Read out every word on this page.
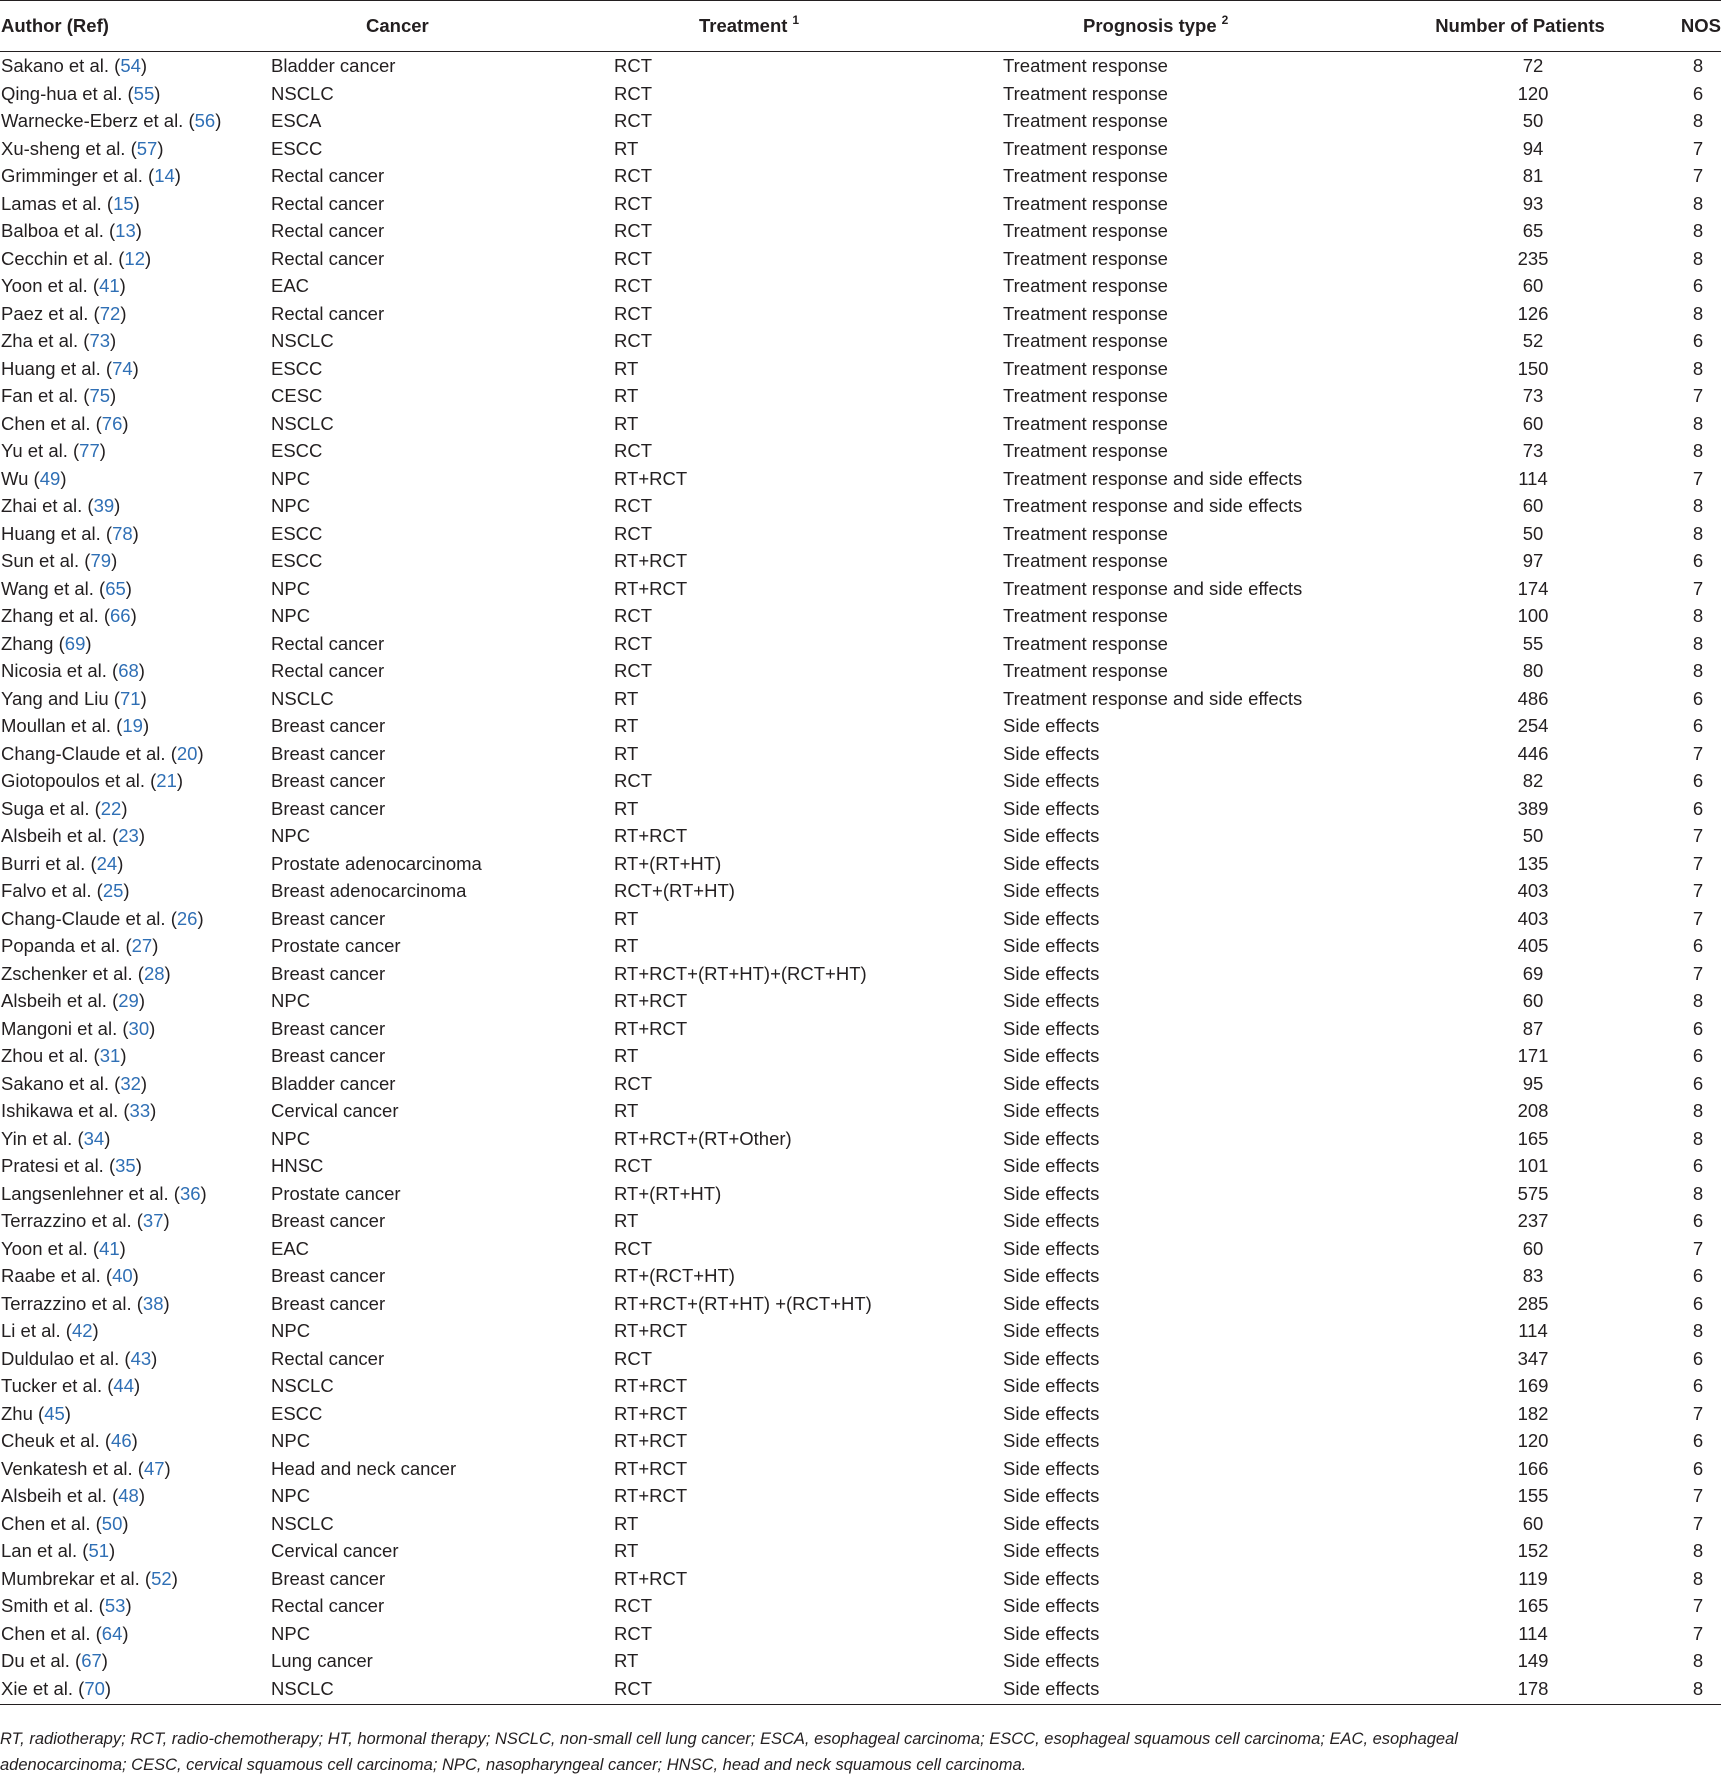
Author (Ref)	Cancer	Treatment $^1$	Prognosis type $^2$	Number of Patients	NOS
Sakano et al. (54)	Bladder cancer	RCT	Treatment response	72	8
Qing-hua et al. (55)	NSCLC	RCT	Treatment response	120	6
Warnecke-Eberz et al. (56)	ESCA	RCT	Treatment response	50	8
Xu-sheng et al. (57)	ESCC	RT	Treatment response	94	7
Grimminger et al. (14)	Rectal cancer	RCT	Treatment response	81	7
Lamas et al. (15)	Rectal cancer	RCT	Treatment response	93	8
Balboa et al. (13)	Rectal cancer	RCT	Treatment response	65	8
Cecchin et al. (12)	Rectal cancer	RCT	Treatment response	235	8
Yoon et al. (41)	EAC	RCT	Treatment response	60	6
Paez et al. (72)	Rectal cancer	RCT	Treatment response	126	8
Zha et al. (73)	NSCLC	RCT	Treatment response	52	6
Huang et al. (74)	ESCC	RT	Treatment response	150	8
Fan et al. (75)	CESC	RT	Treatment response	73	7
Chen et al. (76)	NSCLC	RT	Treatment response	60	8
Yu et al. (77)	ESCC	RCT	Treatment response	73	8
Wu (49)	NPC	RT+RCT	Treatment response and side effects	114	7
Zhai et al. (39)	NPC	RCT	Treatment response and side effects	60	8
Huang et al. (78)	ESCC	RCT	Treatment response	50	8
Sun et al. (79)	ESCC	RT+RCT	Treatment response	97	6
Wang et al. (65)	NPC	RT+RCT	Treatment response and side effects	174	7
Zhang et al. (66)	NPC	RCT	Treatment response	100	8
Zhang (69)	Rectal cancer	RCT	Treatment response	55	8
Nicosia et al. (68)	Rectal cancer	RCT	Treatment response	80	8
Yang and Liu (71)	NSCLC	RT	Treatment response and side effects	486	6
Moullan et al. (19)	Breast cancer	RT	Side effects	254	6
Chang-Claude et al. (20)	Breast cancer	RT	Side effects	446	7
Giotopoulos et al. (21)	Breast cancer	RCT	Side effects	82	6
Suga et al. (22)	Breast cancer	RT	Side effects	389	6
Alsbeih et al. (23)	NPC	RT+RCT	Side effects	50	7
Burri et al. (24)	Prostate adenocarcinoma	RT+(RT+HT)	Side effects	135	7
Falvo et al. (25)	Breast adenocarcinoma	RCT+(RT+HT)	Side effects	403	7
Chang-Claude et al. (26)	Breast cancer	RT	Side effects	403	7
Popanda et al. (27)	Prostate cancer	RT	Side effects	405	6
Zschenker et al. (28)	Breast cancer	RT+RCT+(RT+HT)+(RCT+HT)	Side effects	69	7
Alsbeih et al. (29)	NPC	RT+RCT	Side effects	60	8
Mangoni et al. (30)	Breast cancer	RT+RCT	Side effects	87	6
Zhou et al. (31)	Breast cancer	RT	Side effects	171	6
Sakano et al. (32)	Bladder cancer	RCT	Side effects	95	6
Ishikawa et al. (33)	Cervical cancer	RT	Side effects	208	8
Yin et al. (34)	NPC	RT+RCT+(RT+Other)	Side effects	165	8
Pratesi et al. (35)	HNSC	RCT	Side effects	101	6
Langsenlehner et al. (36)	Prostate cancer	RT+(RT+HT)	Side effects	575	8
Terrazzino et al. (37)	Breast cancer	RT	Side effects	237	6
Yoon et al. (41)	EAC	RCT	Side effects	60	7
Raabe et al. (40)	Breast cancer	RT+(RCT+HT)	Side effects	83	6
Terrazzino et al. (38)	Breast cancer	RT+RCT+(RT+HT) +(RCT+HT)	Side effects	285	6
Li et al. (42)	NPC	RT+RCT	Side effects	114	8
Duldulao et al. (43)	Rectal cancer	RCT	Side effects	347	6
Tucker et al. (44)	NSCLC	RT+RCT	Side effects	169	6
Zhu (45)	ESCC	RT+RCT	Side effects	182	7
Cheuk et al. (46)	NPC	RT+RCT	Side effects	120	6
Venkatesh et al. (47)	Head and neck cancer	RT+RCT	Side effects	166	6
Alsbeih et al. (48)	NPC	RT+RCT	Side effects	155	7
Chen et al. (50)	NSCLC	RT	Side effects	60	7
Lan et al. (51)	Cervical cancer	RT	Side effects	152	8
Mumbrekar et al. (52)	Breast cancer	RT+RCT	Side effects	119	8
Smith et al. (53)	Rectal cancer	RCT	Side effects	165	7
Chen et al. (64)	NPC	RCT	Side effects	114	7
Du et al. (67)	Lung cancer	RT	Side effects	149	8
Xie et al. (70)	NSCLC	RCT	Side effects	178	8
RT, radiotherapy; RCT, radio-chemotherapy; HT, hormonal therapy; NSCLC, non-small cell lung cancer; ESCA, esophageal carcinoma; ESCC, esophageal squamous cell carcinoma; EAC, esophageal adenocarcinoma; CESC, cervical squamous cell carcinoma; NPC, nasopharyngeal cancer; HNSC, head and neck squamous cell carcinoma.
